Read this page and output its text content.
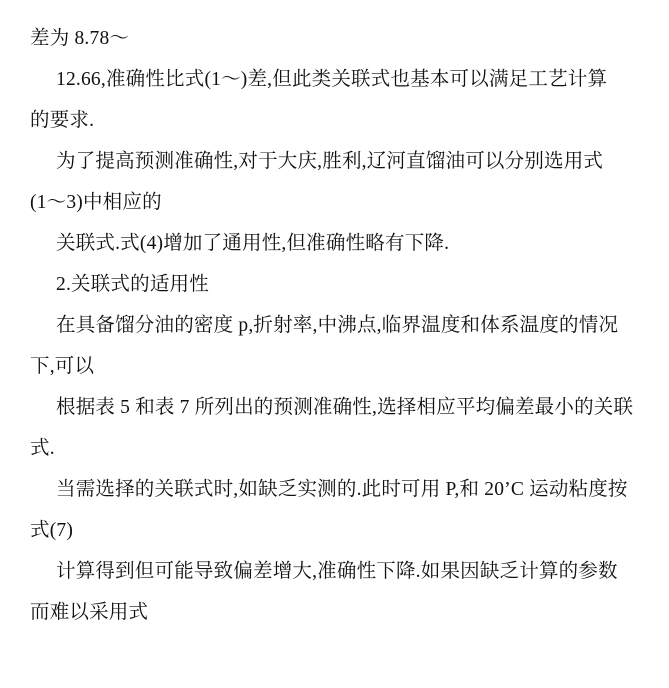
差为 8.78～

12.66,准确性比式(1～)差,但此类关联式也基本可以满足工艺计算

的要求.

为了提高预测准确性,对于大庆,胜利,辽河直馏油可以分别选用式

(1～3)中相应的

关联式.式(4)增加了通用性,但准确性略有下降.

2.关联式的适用性

在具备馏分油的密度 p,折射率,中沸点,临界温度和体系温度的情况

下,可以

根据表 5 和表 7 所列出的预测准确性,选择相应平均偏差最小的关联

式.

当需选择的关联式时,如缺乏实测的.此时可用 P,和 20’C 运动粘度按

式(7)

计算得到但可能导致偏差增大,准确性下降.如果因缺乏计算的参数

而难以采用式
